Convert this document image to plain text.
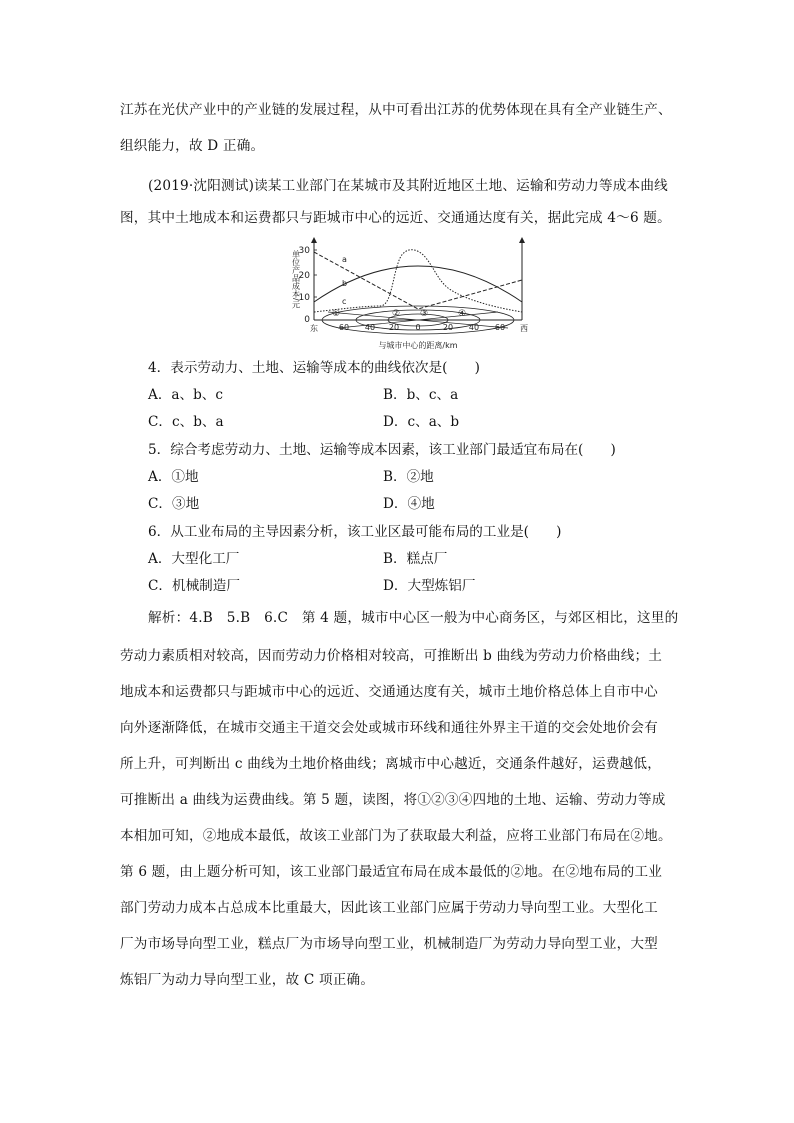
江苏在光伏产业中的产业链的发展过程，从中可看出江苏的优势体现在具有全产业链生产、
组织能力，故 D 正确。
(2019·沈阳测试)读某工业部门在某城市及其附近地区土地、运输和劳动力等成本曲线
图，其中土地成本和运费都只与距城市中心的远近、交通通达度有关，据此完成 4～6 题。
单位产品成本/元
30
20
10
0
a
b
c
①	② ③	④
60 40 20 0	20 40 60
东	西
与城市中心的距离/km
4．表示劳动力、土地、运输等成本的曲线依次是(　　)
A．a、b、c	B．b、c、a
C．c、b、a	D．c、a、b
5．综合考虑劳动力、土地、运输等成本因素，该工业部门最适宜布局在(　　)
A．①地	B．②地
C．③地	D．④地
6．从工业布局的主导因素分析，该工业区最可能布局的工业是(　　)
A．大型化工厂	B．糕点厂
C．机械制造厂	D．大型炼铝厂
解析：4.B　5.B　6.C　第 4 题，城市中心区一般为中心商务区，与郊区相比，这里的
劳动力素质相对较高，因而劳动力价格相对较高，可推断出 b 曲线为劳动力价格曲线；土
地成本和运费都只与距城市中心的远近、交通通达度有关，城市土地价格总体上自市中心
向外逐渐降低，在城市交通主干道交会处或城市环线和通往外界主干道的交会处地价会有
所上升，可判断出 c 曲线为土地价格曲线；离城市中心越近，交通条件越好，运费越低，
可推断出 a 曲线为运费曲线。第 5 题，读图，将①②③④四地的土地、运输、劳动力等成
本相加可知，②地成本最低，故该工业部门为了获取最大利益，应将工业部门布局在②地。
第 6 题，由上题分析可知，该工业部门最适宜布局在成本最低的②地。在②地布局的工业
部门劳动力成本占总成本比重最大，因此该工业部门应属于劳动力导向型工业。大型化工
厂为市场导向型工业，糕点厂为市场导向型工业，机械制造厂为劳动力导向型工业，大型
炼铝厂为动力导向型工业，故 C 项正确。
